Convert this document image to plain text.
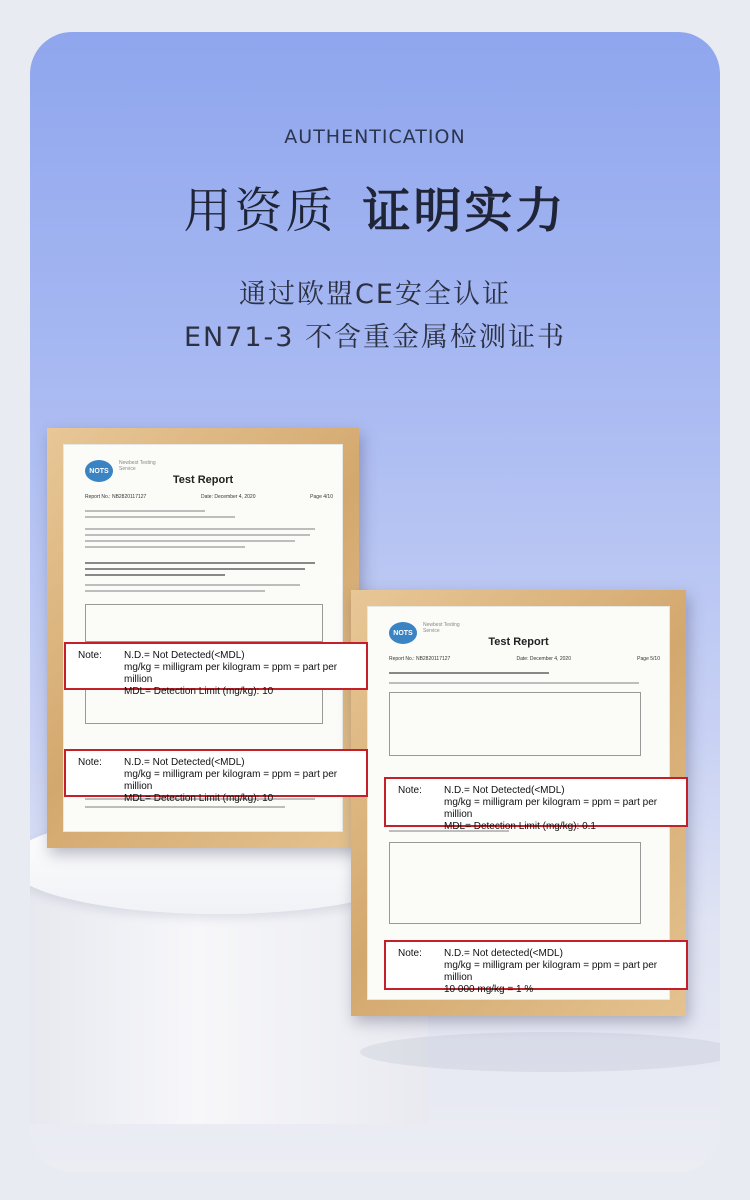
AUTHENTICATION
用资质 证明实力
通过欧盟CE安全认证
EN71-3 不含重金属检测证书
NOTS
Newbest Testing Service
Test Report
Report No.: NB2820117127	Date: December 4, 2020	Page 4/10
NOTS
Newbest Testing Service
Test Report
Report No.: NB2820117127	Date: December 4, 2020	Page 5/10
Note: N.D.= Not Detected(<MDL)
mg/kg = milligram per kilogram = ppm = part per million
MDL= Detection Limit (mg/kg): 10
Note: N.D.= Not Detected(<MDL)
mg/kg = milligram per kilogram = ppm = part per million
MDL= Detection Limit (mg/kg): 10
Note: N.D.= Not Detected(<MDL)
mg/kg = milligram per kilogram = ppm = part per million
MDL= Detection Limit (mg/kg): 0.1
Note: N.D.= Not detected(<MDL)
mg/kg = milligram per kilogram = ppm = part per million
10 000 mg/kg = 1 %
